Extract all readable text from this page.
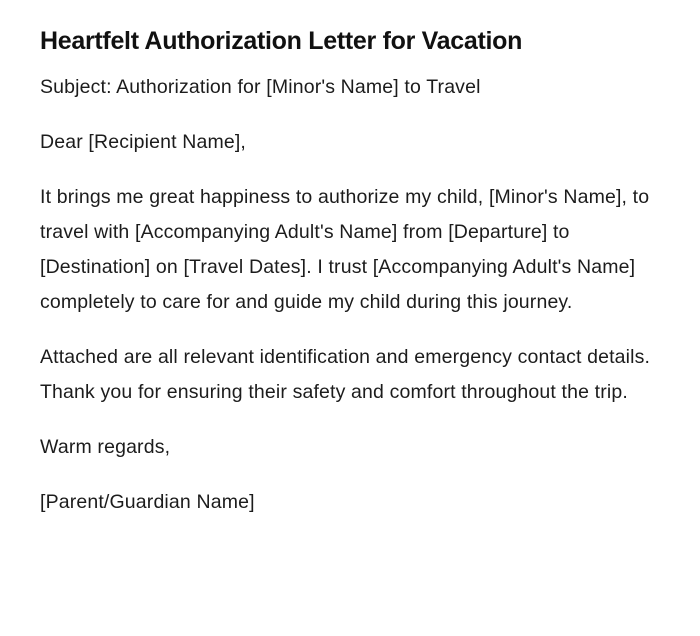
Heartfelt Authorization Letter for Vacation

Subject: Authorization for [Minor's Name] to Travel

Dear [Recipient Name],

It brings me great happiness to authorize my child, [Minor's Name], to travel with [Accompanying Adult's Name] from [Departure] to [Destination] on [Travel Dates]. I trust [Accompanying Adult's Name] completely to care for and guide my child during this journey.

Attached are all relevant identification and emergency contact details. Thank you for ensuring their safety and comfort throughout the trip.

Warm regards,

[Parent/Guardian Name]
